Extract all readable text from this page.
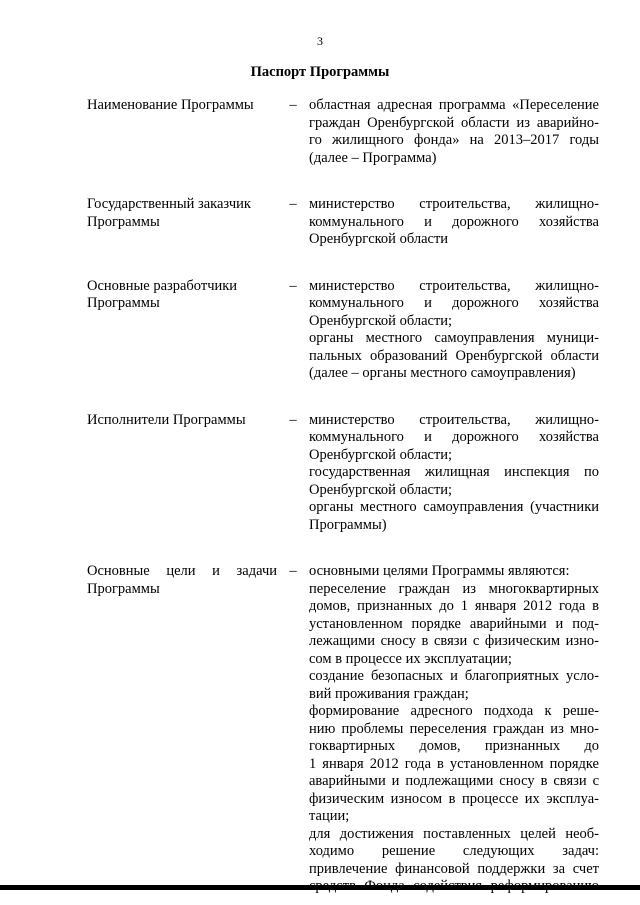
3
Паспорт Программы
Наименование Программы	– областная адресная программа «Переселение
граждан Оренбургской области из аварийно-
го жилищного фонда» на 2013–2017 годы
(далее – Программа)
Государственный заказчик
Программы
– министерство строительства, жилищно-
коммунального и дорожного хозяйства
Оренбургской области
Основные разработчики
Программы
– министерство строительства, жилищно-
коммунального и дорожного хозяйства
Оренбургской области;
органы местного самоуправления муници-
пальных образований Оренбургской области
(далее – органы местного самоуправления)
Исполнители Программы	– министерство строительства, жилищно-
коммунального и дорожного хозяйства
Оренбургской области;
государственная жилищная инспекция по
Оренбургской области;
органы местного самоуправления (участники
Программы)
Основные цели и задачи
Программы
– основными целями Программы являются:
переселение граждан из многоквартирных
домов, признанных до 1 января 2012 года в
установленном порядке аварийными и под-
лежащими сносу в связи с физическим изно-
сом в процессе их эксплуатации;
создание безопасных и благоприятных усло-
вий проживания граждан;
формирование адресного подхода к реше-
нию проблемы переселения граждан из мно-
гоквартирных домов, признанных до
1 января 2012 года в установленном порядке
аварийными и подлежащими сносу в связи с
физическим износом в процессе их эксплуа-
тации;
для достижения поставленных целей необ-
ходимо решение следующих задач:
привлечение финансовой поддержки за счет
